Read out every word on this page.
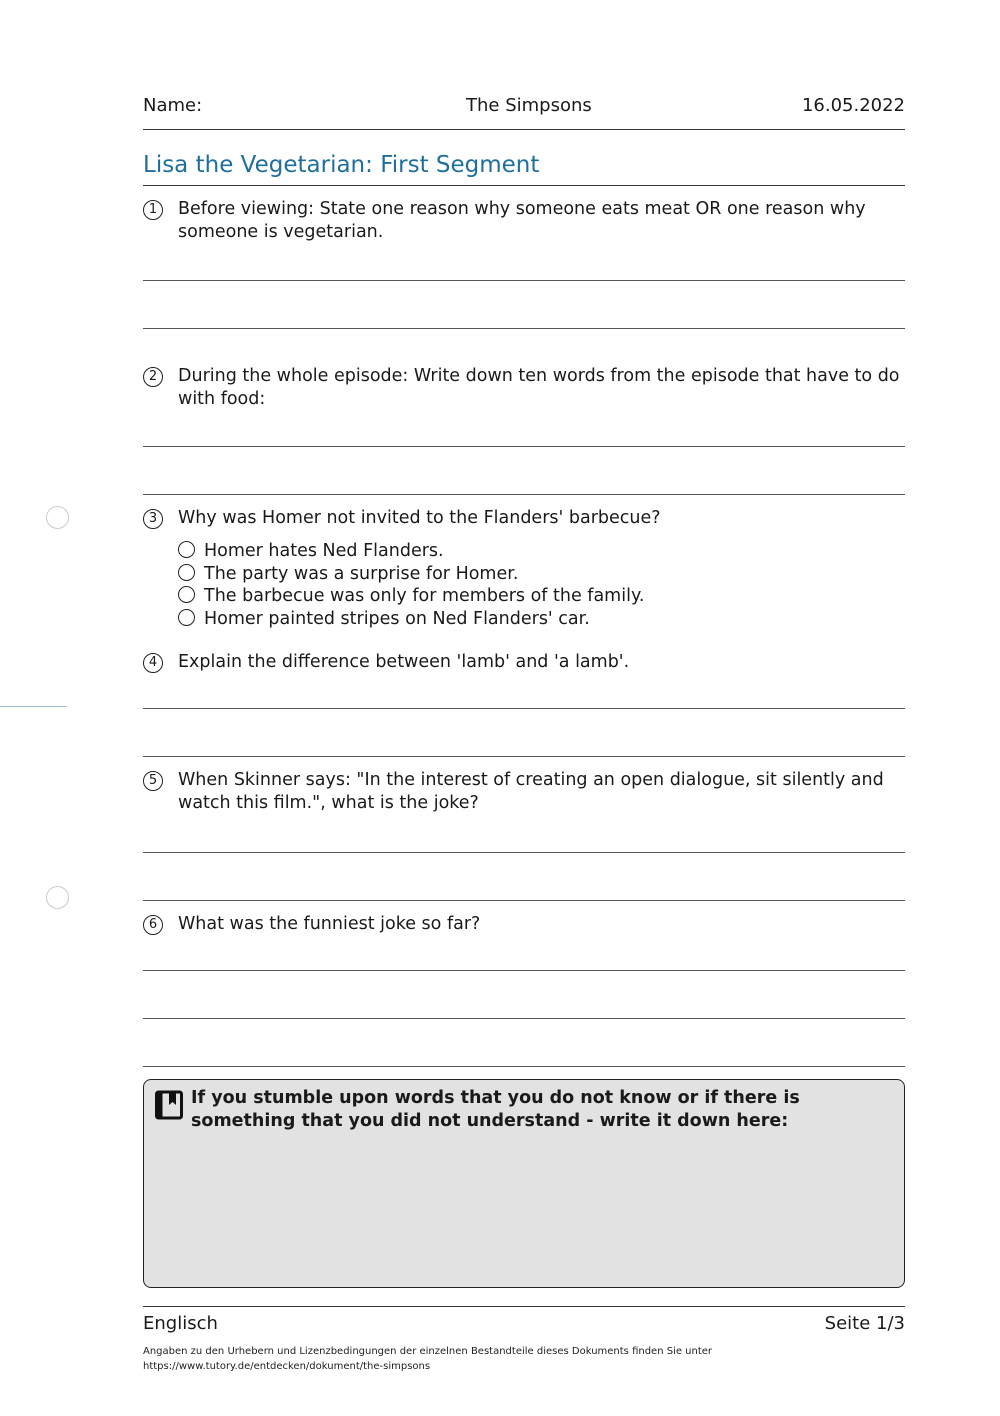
Name:	The Simpsons	16.05.2022
Lisa the Vegetarian: First Segment
1	Before viewing: State one reason why someone eats meat OR one reason why someone is vegetarian.
2	During the whole episode: Write down ten words from the episode that have to do with food:
3	Why was Homer not invited to the Flanders' barbecue?
Homer hates Ned Flanders.
The party was a surprise for Homer.
The barbecue was only for members of the family.
Homer painted stripes on Ned Flanders' car.
4	Explain the difference between 'lamb' and 'a lamb'.
5	When Skinner says: "In the interest of creating an open dialogue, sit silently and watch this film.", what is the joke?
6	What was the funniest joke so far?
If you stumble upon words that you do not know or if there is something that you did not understand - write it down here:
Englisch	Seite 1/3
Angaben zu den Urhebern und Lizenzbedingungen der einzelnen Bestandteile dieses Dokuments finden Sie unter
https://www.tutory.de/entdecken/dokument/the-simpsons
